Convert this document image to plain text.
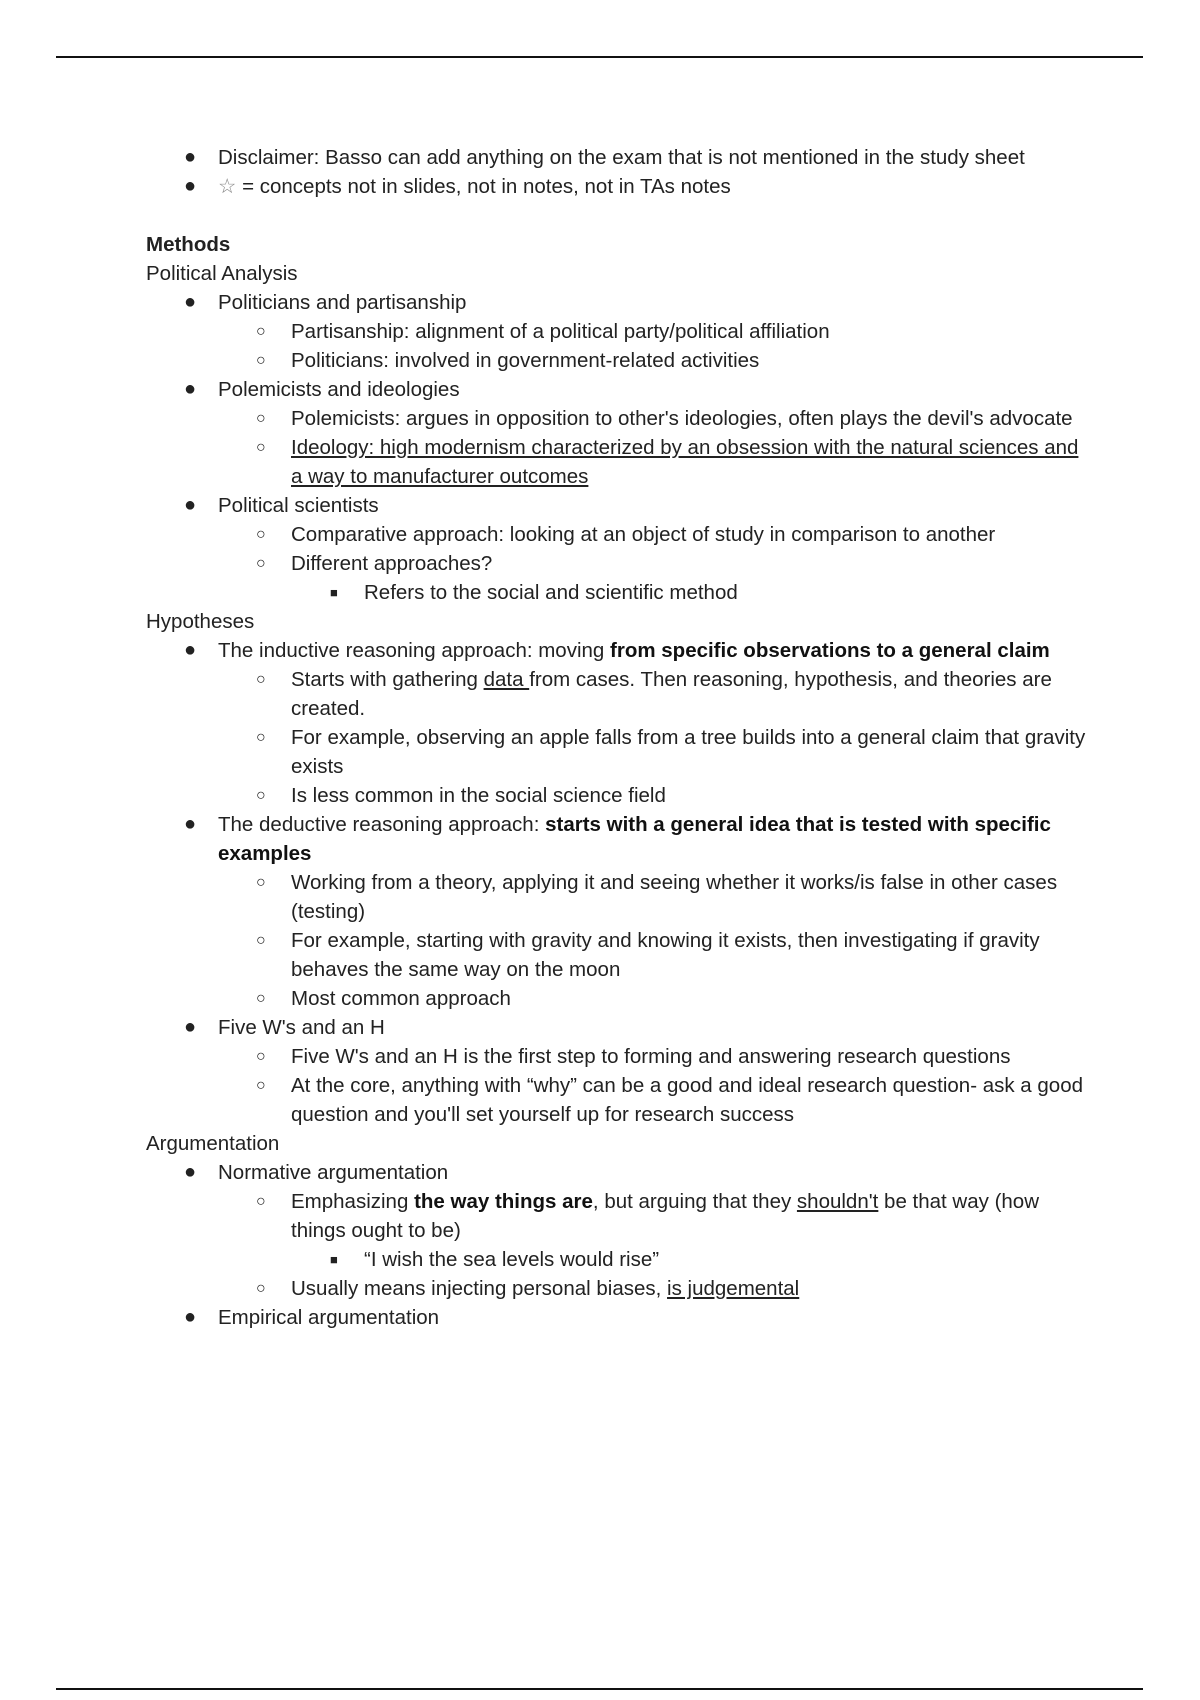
● Disclaimer: Basso can add anything on the exam that is not mentioned in the study sheet
● ☆ = concepts not in slides, not in notes, not in TAs notes
Methods
Political Analysis
● Politicians and partisanship
○ Partisanship: alignment of a political party/political affiliation
○ Politicians: involved in government-related activities
● Polemicists and ideologies
○ Polemicists: argues in opposition to other's ideologies, often plays the devil's advocate
○ Ideology: high modernism characterized by an obsession with the natural sciences and a way to manufacturer outcomes
● Political scientists
○ Comparative approach: looking at an object of study in comparison to another
○ Different approaches?
■ Refers to the social and scientific method
Hypotheses
● The inductive reasoning approach: moving from specific observations to a general claim
○ Starts with gathering data from cases. Then reasoning, hypothesis, and theories are created.
○ For example, observing an apple falls from a tree builds into a general claim that gravity exists
○ Is less common in the social science field
● The deductive reasoning approach: starts with a general idea that is tested with specific examples
○ Working from a theory, applying it and seeing whether it works/is false in other cases (testing)
○ For example, starting with gravity and knowing it exists, then investigating if gravity behaves the same way on the moon
○ Most common approach
● Five W's and an H
○ Five W's and an H is the first step to forming and answering research questions
○ At the core, anything with “why” can be a good and ideal research question- ask a good question and you'll set yourself up for research success
Argumentation
● Normative argumentation
○ Emphasizing the way things are, but arguing that they shouldn't be that way (how things ought to be)
■ “I wish the sea levels would rise”
○ Usually means injecting personal biases, is judgemental
● Empirical argumentation
